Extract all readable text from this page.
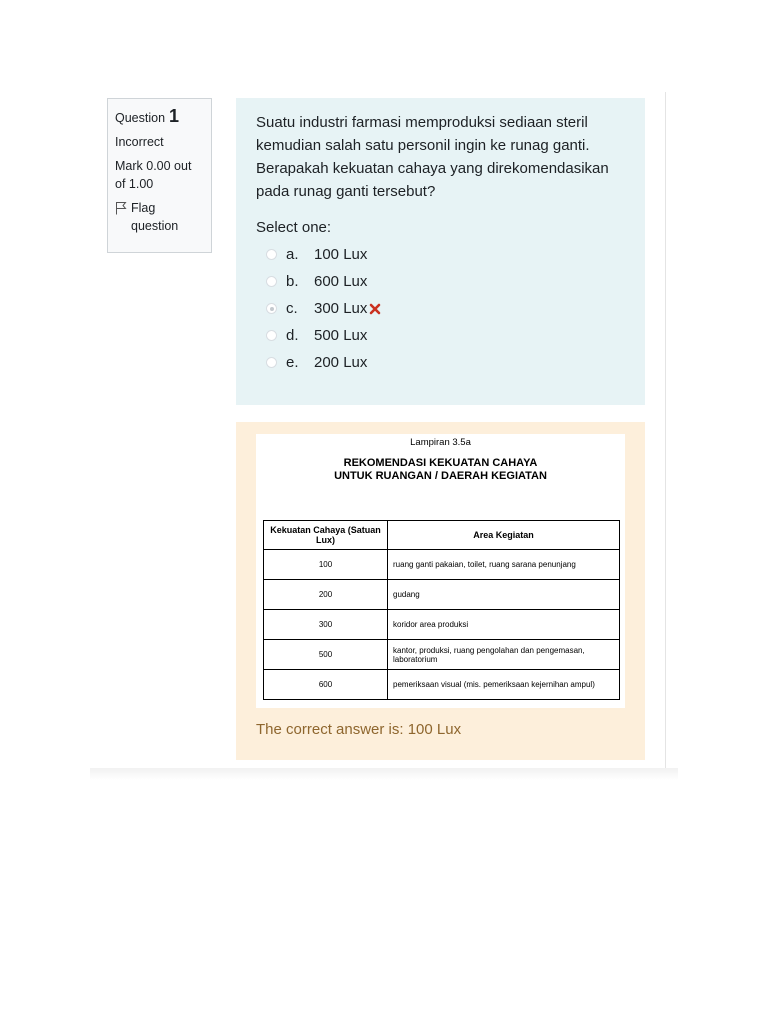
Question 1
Incorrect
Mark 0.00 out of 1.00
Flag question
Suatu industri farmasi memproduksi sediaan steril kemudian salah satu personil ingin ke runag ganti. Berapakah kekuatan cahaya yang direkomendasikan pada runag ganti tersebut?
Select one:
a.	100 Lux
b.	600 Lux
c.	300 Lux
d.	500 Lux
e.	200 Lux
Lampiran 3.5a
REKOMENDASI KEKUATAN CAHAYA
UNTUK RUANGAN / DAERAH KEGIATAN
Kekuatan Cahaya (Satuan Lux)	Area Kegiatan
100	ruang ganti pakaian, toilet, ruang sarana penunjang
200	gudang
300	koridor area produksi
500	kantor, produksi, ruang pengolahan dan pengemasan, laboratorium
600	pemeriksaan visual (mis. pemeriksaan kejernihan ampul)
The correct answer is: 100 Lux
